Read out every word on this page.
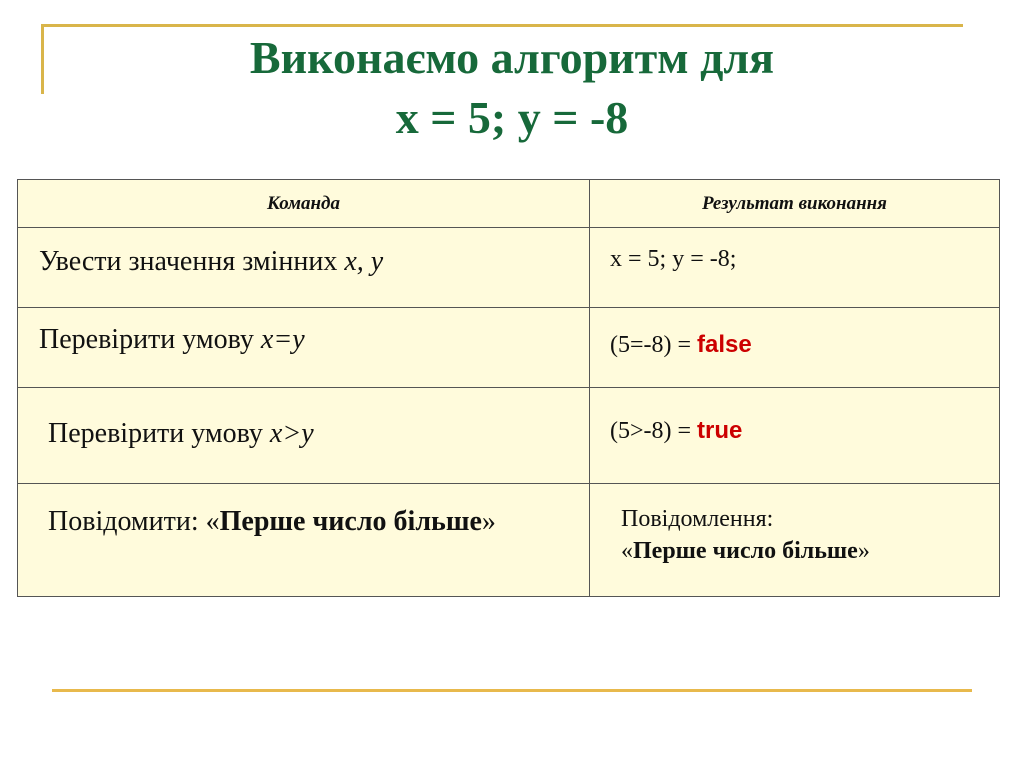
Виконаємо алгоритм для
x = 5; y = -8
Команда	Результат виконання

Увести значення змінних x, y	x = 5; y = -8;

Перевірити умову x=y	(5=-8) = false

Перевірити умову x>y	(5>-8) = true

Повідомити: «Перше число більше»	Повідомлення:
«Перше число більше»
